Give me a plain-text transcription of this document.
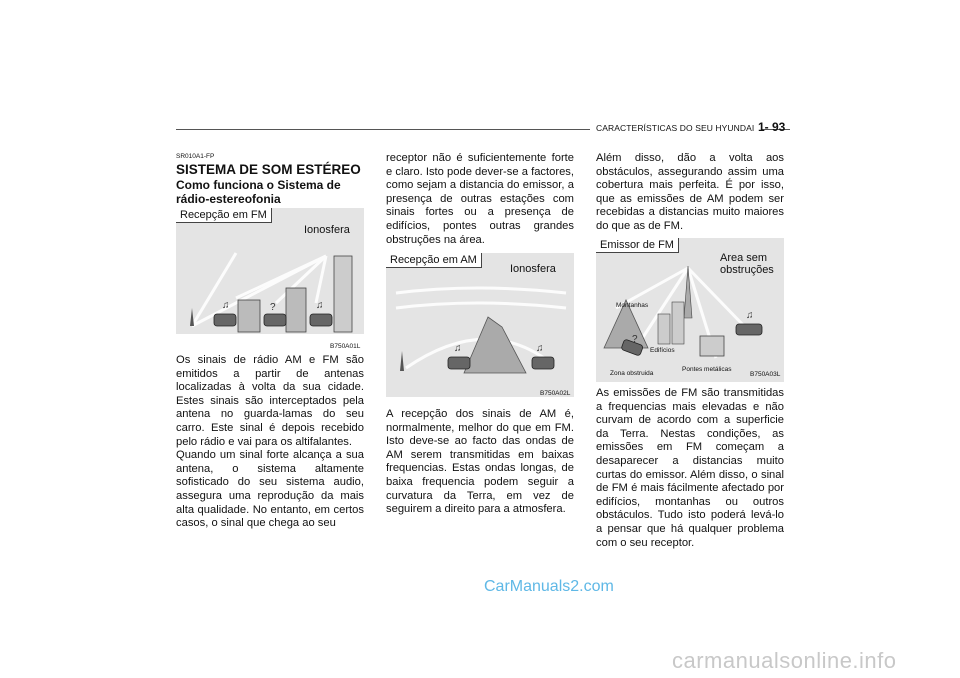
CARACTERÍSTICAS DO SEU HYUNDAI 1- 93
SR010A1-FP
SISTEMA DE SOM ESTÉREO
Como funciona o Sistema de rádio-estereofonia
?
♫	♫
Recepção em FM
Ionosfera
B750A01L

Os sinais de rádio AM e FM são emitidos a partir de antenas localizadas à volta da sua cidade. Estes sinais são interceptados pela antena no guarda-lamas do seu carro. Este sinal é depois recebido pelo rádio e vai para os altifalantes.

Quando um sinal forte alcança a sua antena, o sistema altamente sofisticado do seu sistema audio, assegura uma reprodução da mais alta qualidade. No entanto, em certos casos, o sinal que chega ao seu

receptor não é suficientemente forte e claro. Isto pode dever-se a factores, como sejam a distancia do emissor, a presença de outras estações com sinais fortes ou a presença de edifícios, pontes outras grandes obstruções na área.

♫	♫
Recepção em AM
Ionosfera
B750A02L

A recepção dos sinais de AM é, normalmente, melhor do que em FM. Isto deve-se ao facto das ondas de AM serem transmitidas em baixas frequencias. Estas ondas longas, de baixa frequencia podem seguir a curvatura da Terra, em vez de seguirem a direito para a atmosfera.

Além disso, dão a volta aos obstáculos, assegurando assim uma cobertura mais perfeita. É por isso, que as emissões de AM podem ser recebidas a distancias muito maiores do que as de FM.

?
♫
Emissor de FM
Area sem obstruções
Montanhas
Edifícios
Zona obstruida
Pontes metálicas
B750A03L

As emissões de FM são transmitidas a frequencias mais elevadas e não curvam de acordo com a superficie da Terra. Nestas condições, as emissões em FM começam a desaparecer a distancias muito curtas do emissor. Além disso, o sinal de FM é mais fácilmente afectado por edifícios, montanhas ou outros obstáculos. Tudo isto poderá levá-lo a pensar que há qualquer problema com o seu receptor.

CarManuals2.com
carmanualsonline.info
